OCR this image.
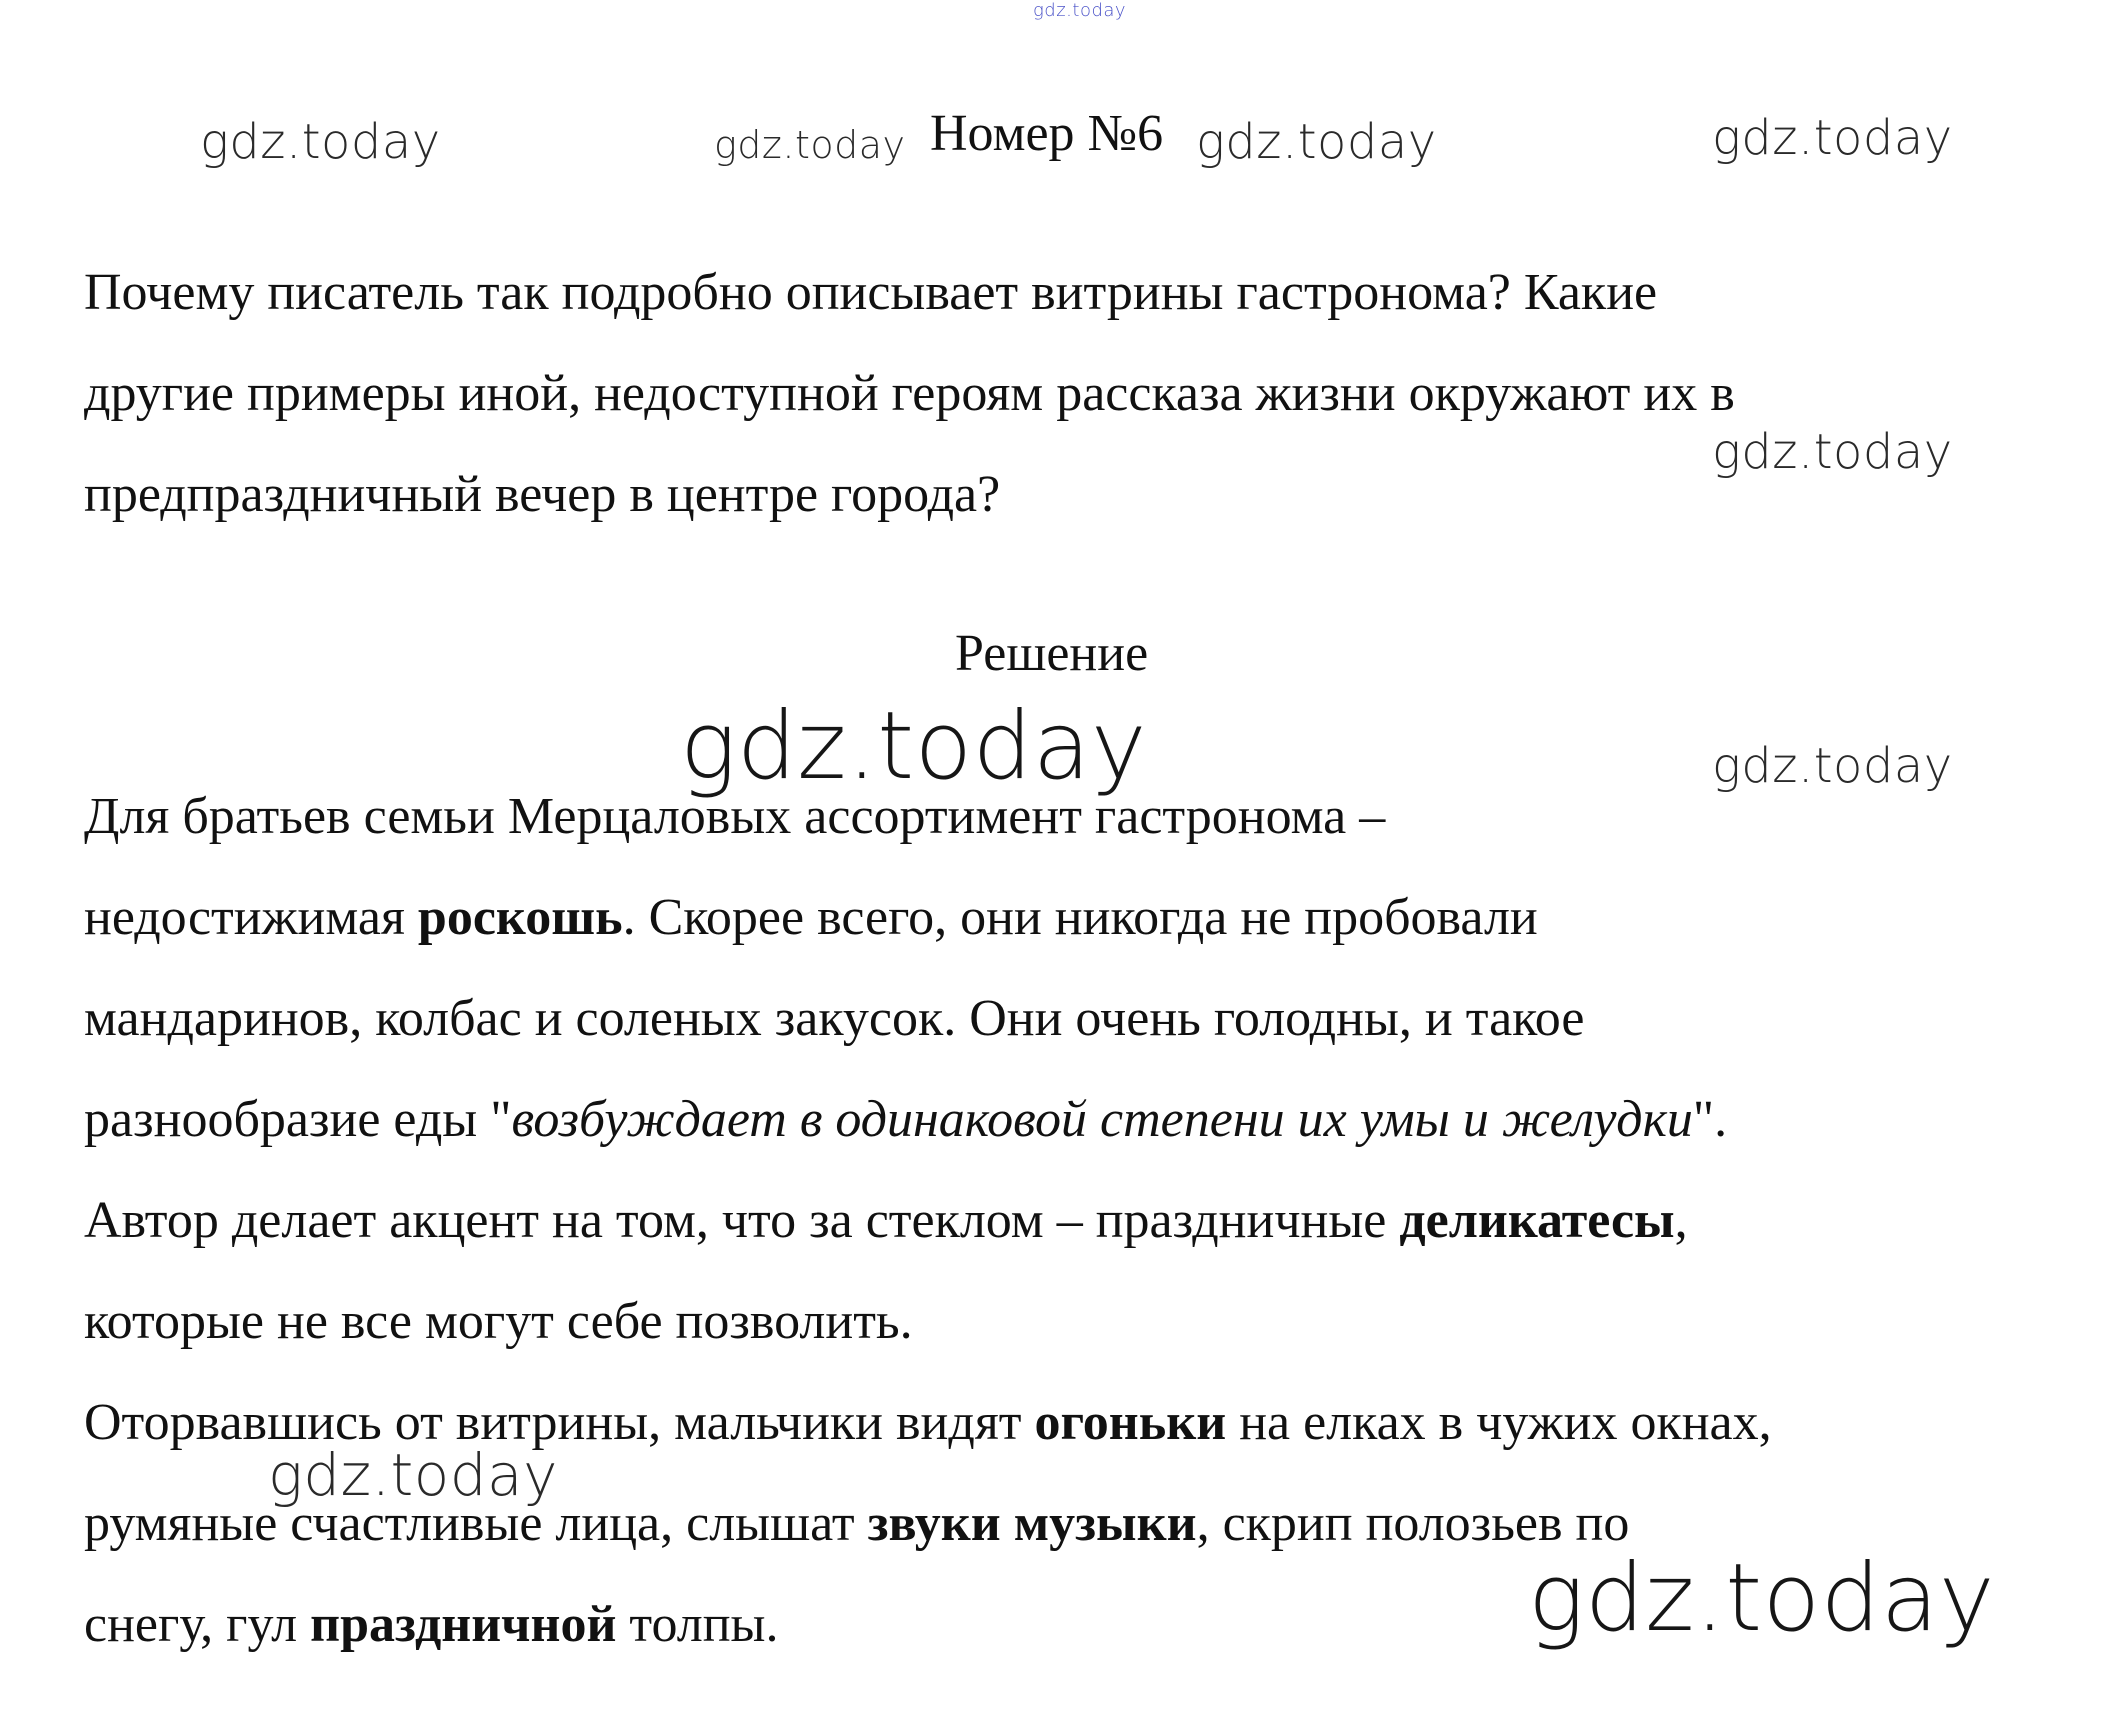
gdz.today
gdz.today	gdz.today	gdz.today	gdz.today
gdz.today
gdz.today	gdz.today
gdz.today
gdz.today
Номер №6

Почему писатель так подробно описывает витрины гастронома? Какие

другие примеры иной, недоступной героям рассказа жизни окружают их в

предпраздничный вечер в центре города?

Решение

Для братьев семьи Мерцаловых ассортимент гастронома –

недостижимая роскошь. Скорее всего, они никогда не пробовали

мандаринов, колбас и соленых закусок. Они очень голодны, и такое

разнообразие еды "возбуждает в одинаковой степени их умы и желудки".

Автор делает акцент на том, что за стеклом – праздничные деликатесы,

которые не все могут себе позволить.

Оторвавшись от витрины, мальчики видят огоньки на елках в чужих окнах,

румяные счастливые лица, слышат звуки музыки, скрип полозьев по

снегу, гул праздничной толпы.
